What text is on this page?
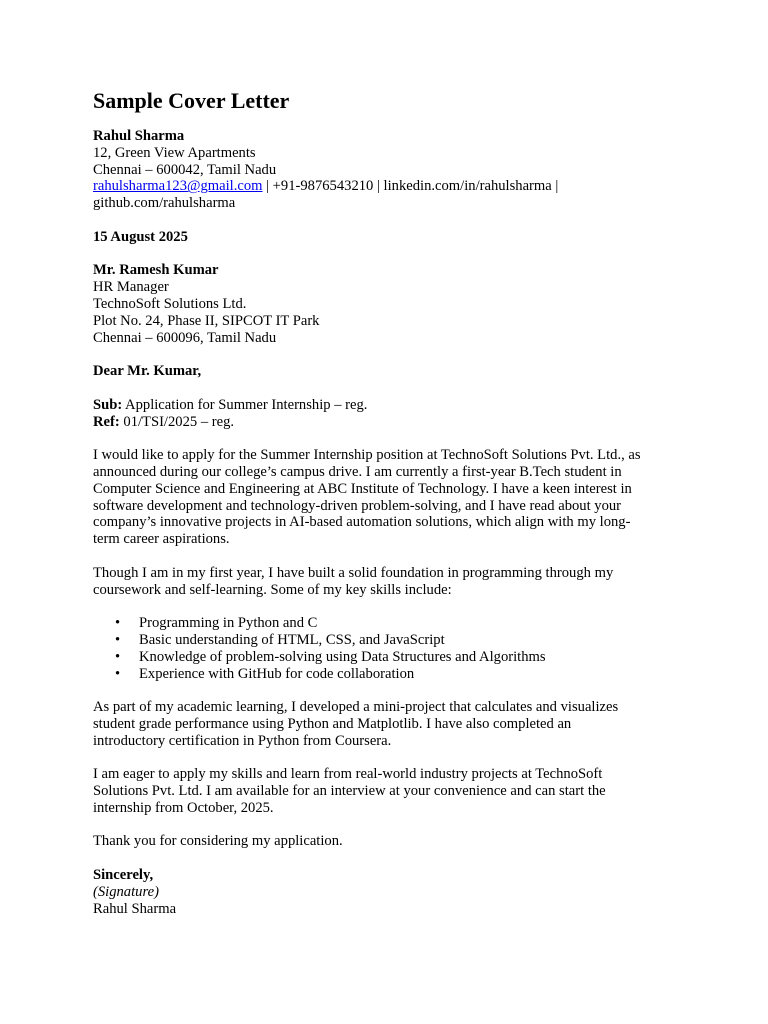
Sample Cover Letter
Rahul Sharma
12, Green View Apartments
Chennai – 600042, Tamil Nadu
rahulsharma123@gmail.com | +91-9876543210 | linkedin.com/in/rahulsharma |
github.com/rahulsharma
15 August 2025
Mr. Ramesh Kumar
HR Manager
TechnoSoft Solutions Ltd.
Plot No. 24, Phase II, SIPCOT IT Park
Chennai – 600096, Tamil Nadu
Dear Mr. Kumar,
Sub: Application for Summer Internship – reg.
Ref: 01/TSI/2025 – reg.

I would like to apply for the Summer Internship position at TechnoSoft Solutions Pvt. Ltd., as
announced during our college’s campus drive. I am currently a first-year B.Tech student in
Computer Science and Engineering at ABC Institute of Technology. I have a keen interest in
software development and technology-driven problem-solving, and I have read about your
company’s innovative projects in AI-based automation solutions, which align with my long-
term career aspirations.

Though I am in my first year, I have built a solid foundation in programming through my
coursework and self-learning. Some of my key skills include:

• Programming in Python and C
• Basic understanding of HTML, CSS, and JavaScript
• Knowledge of problem-solving using Data Structures and Algorithms
• Experience with GitHub for code collaboration

As part of my academic learning, I developed a mini-project that calculates and visualizes
student grade performance using Python and Matplotlib. I have also completed an
introductory certification in Python from Coursera.

I am eager to apply my skills and learn from real-world industry projects at TechnoSoft
Solutions Pvt. Ltd. I am available for an interview at your convenience and can start the
internship from October, 2025.

Thank you for considering my application.

Sincerely,
(Signature)
Rahul Sharma
